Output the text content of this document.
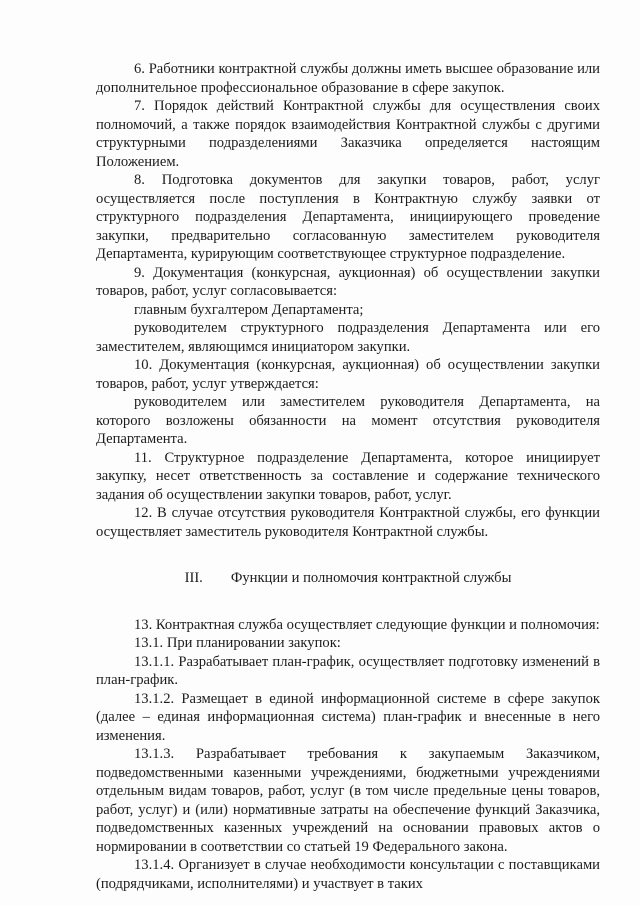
6. Работники контрактной службы должны иметь высшее образование или дополнительное профессиональное образование в сфере закупок.

7. Порядок действий Контрактной службы для осуществления своих полномочий, а также порядок взаимодействия Контрактной службы с другими структурными подразделениями Заказчика определяется настоящим Положением.

8. Подготовка документов для закупки товаров, работ, услуг осуществляется после поступления в Контрактную службу заявки от структурного подразделения Департамента, инициирующего проведение закупки, предварительно согласованную заместителем руководителя Департамента, курирующим соответствующее структурное подразделение.

9. Документация (конкурсная, аукционная) об осуществлении закупки товаров, работ, услуг согласовывается:

главным бухгалтером Департамента;

руководителем структурного подразделения Департамента или его заместителем, являющимся инициатором закупки.

10. Документация (конкурсная, аукционная) об осуществлении закупки товаров, работ, услуг утверждается:

руководителем или заместителем руководителя Департамента, на которого возложены обязанности на момент отсутствия руководителя Департамента.

11. Структурное подразделение Департамента, которое инициирует закупку, несет ответственность за составление и содержание технического задания об осуществлении закупки товаров, работ, услуг.

12. В случае отсутствия руководителя Контрактной службы, его функции осуществляет заместитель руководителя Контрактной службы.

III. Функции и полномочия контрактной службы

13. Контрактная служба осуществляет следующие функции и полномочия:

13.1. При планировании закупок:

13.1.1. Разрабатывает план-график, осуществляет подготовку изменений в план-график.

13.1.2. Размещает в единой информационной системе в сфере закупок (далее – единая информационная система) план-график и внесенные в него изменения.

13.1.3. Разрабатывает требования к закупаемым Заказчиком, подведомственными казенными учреждениями, бюджетными учреждениями отдельным видам товаров, работ, услуг (в том числе предельные цены товаров, работ, услуг) и (или) нормативные затраты на обеспечение функций Заказчика, подведомственных казенных учреждений на основании правовых актов о нормировании в соответствии со статьей 19 Федерального закона.

13.1.4. Организует в случае необходимости консультации с поставщиками (подрядчиками, исполнителями) и участвует в таких
